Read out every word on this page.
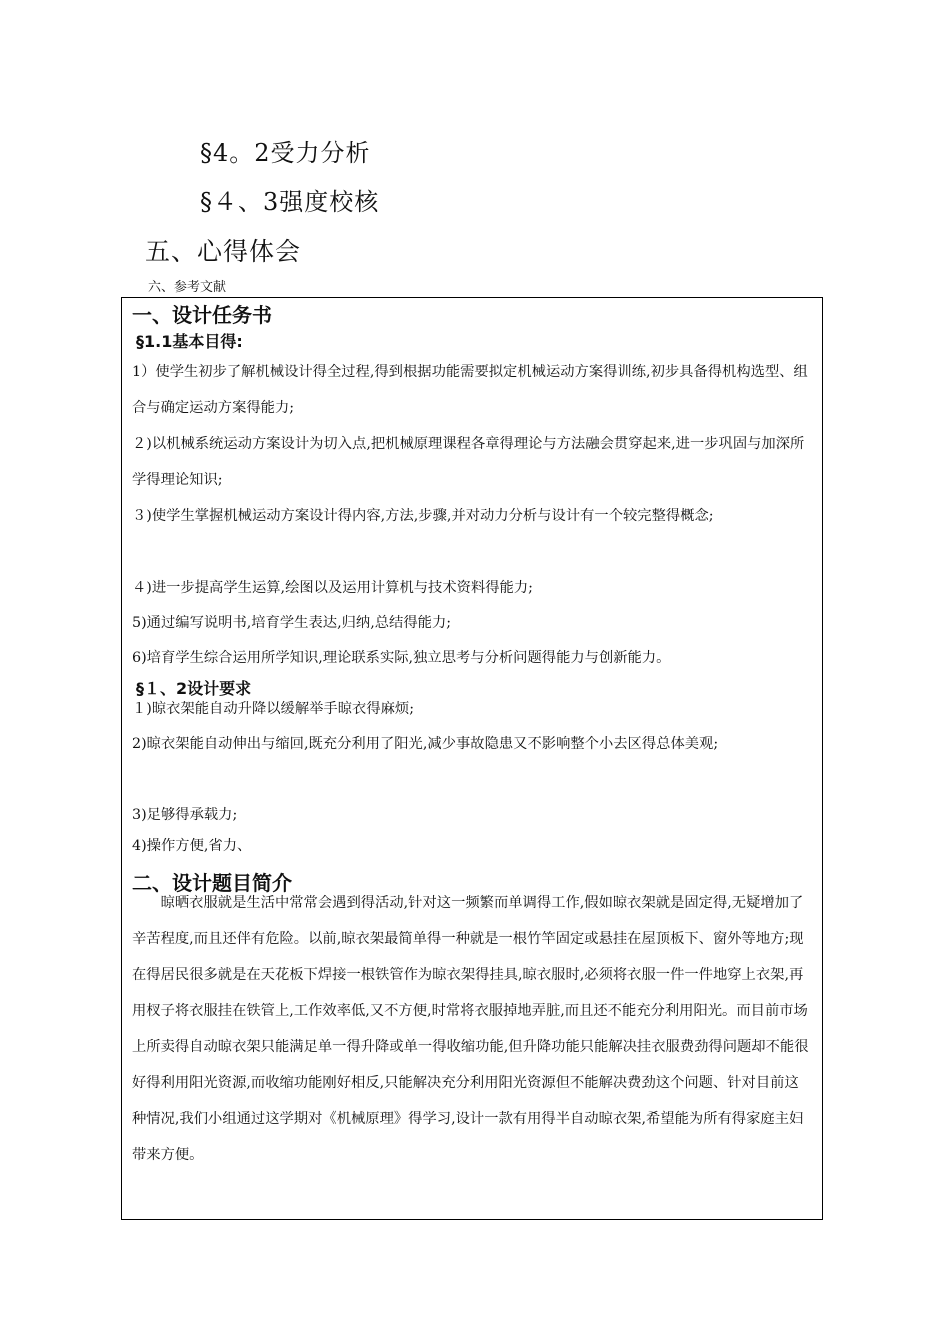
§4。2受力分析
§４、3强度校核
五、心得体会
六、参考文献
一、设计任务书
§1.1基本目得:
1）使学生初步了解机械设计得全过程,得到根据功能需要拟定机械运动方案得训练,初步具备得机构选型、组合与确定运动方案得能力;
２)以机械系统运动方案设计为切入点,把机械原理课程各章得理论与方法融会贯穿起来,进一步巩固与加深所学得理论知识;
３)使学生掌握机械运动方案设计得内容,方法,步骤,并对动力分析与设计有一个较完整得概念;
４)进一步提高学生运算,绘图以及运用计算机与技术资料得能力;
5)通过编写说明书,培育学生表达,归纳,总结得能力;
6)培育学生综合运用所学知识,理论联系实际,独立思考与分析问题得能力与创新能力。
§１、2设计要求
１)晾衣架能自动升降以缓解举手晾衣得麻烦;
2)晾衣架能自动伸出与缩回,既充分利用了阳光,减少事故隐患又不影响整个小去区得总体美观;
3)足够得承载力;
4)操作方便,省力、
二、设计题目简介
晾晒衣服就是生活中常常会遇到得活动,针对这一频繁而单调得工作,假如晾衣架就是固定得,无疑增加了辛苦程度,而且还伴有危险。以前,晾衣架最简单得一种就是一根竹竿固定或悬挂在屋顶板下、窗外等地方;现在得居民很多就是在天花板下焊接一根铁管作为晾衣架得挂具,晾衣服时,必须将衣服一件一件地穿上衣架,再用杈子将衣服挂在铁管上,工作效率低,又不方便,时常将衣服掉地弄脏,而且还不能充分利用阳光。而目前市场上所卖得自动晾衣架只能满足单一得升降或单一得收缩功能,但升降功能只能解决挂衣服费劲得问题却不能很好得利用阳光资源,而收缩功能刚好相反,只能解决充分利用阳光资源但不能解决费劲这个问题、针对目前这种情况,我们小组通过这学期对《机械原理》得学习,设计一款有用得半自动晾衣架,希望能为所有得家庭主妇带来方便。
